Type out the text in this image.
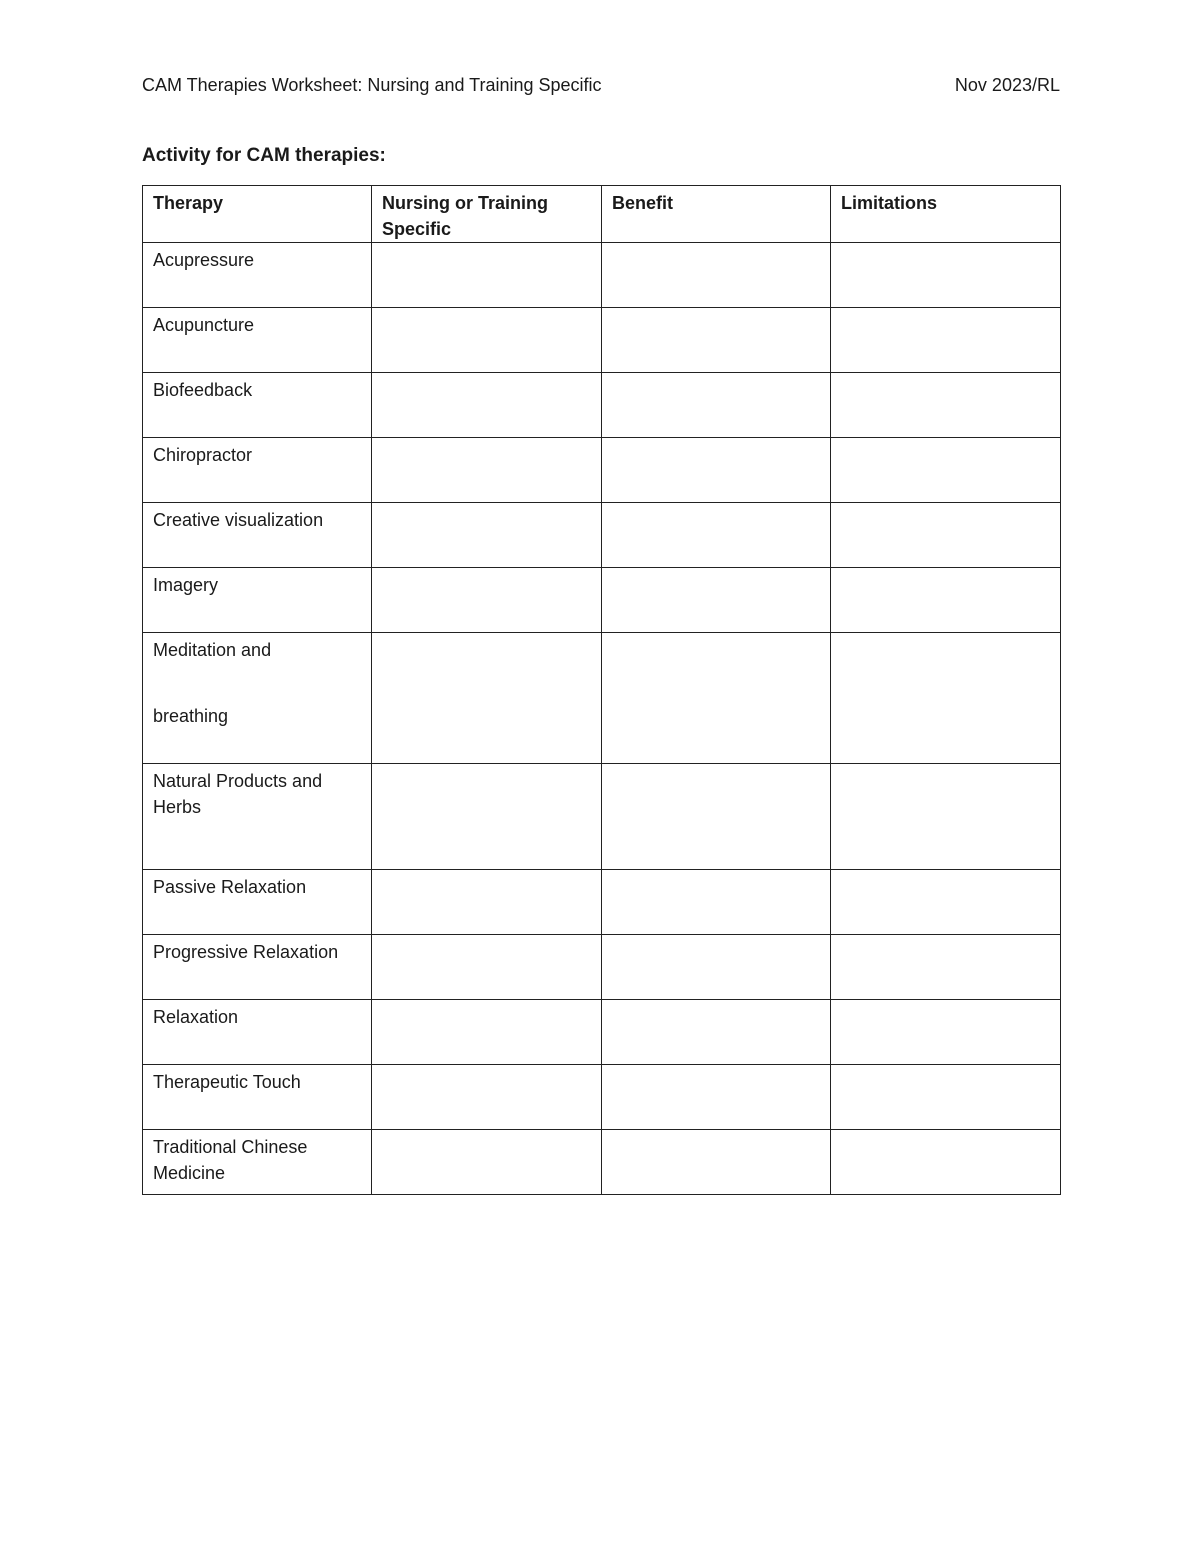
CAM Therapies Worksheet: Nursing and Training Specific	Nov 2023/RL
Activity for CAM therapies:
Therapy	Nursing or Training Specific	Benefit	Limitations
Acupressure			
Acupuncture			
Biofeedback			
Chiropractor			
Creative visualization			
Imagery			

Meditation and
breathing			

Natural Products and Herbs			
Passive Relaxation			
Progressive Relaxation			
Relaxation			
Therapeutic Touch			
Traditional Chinese Medicine			
